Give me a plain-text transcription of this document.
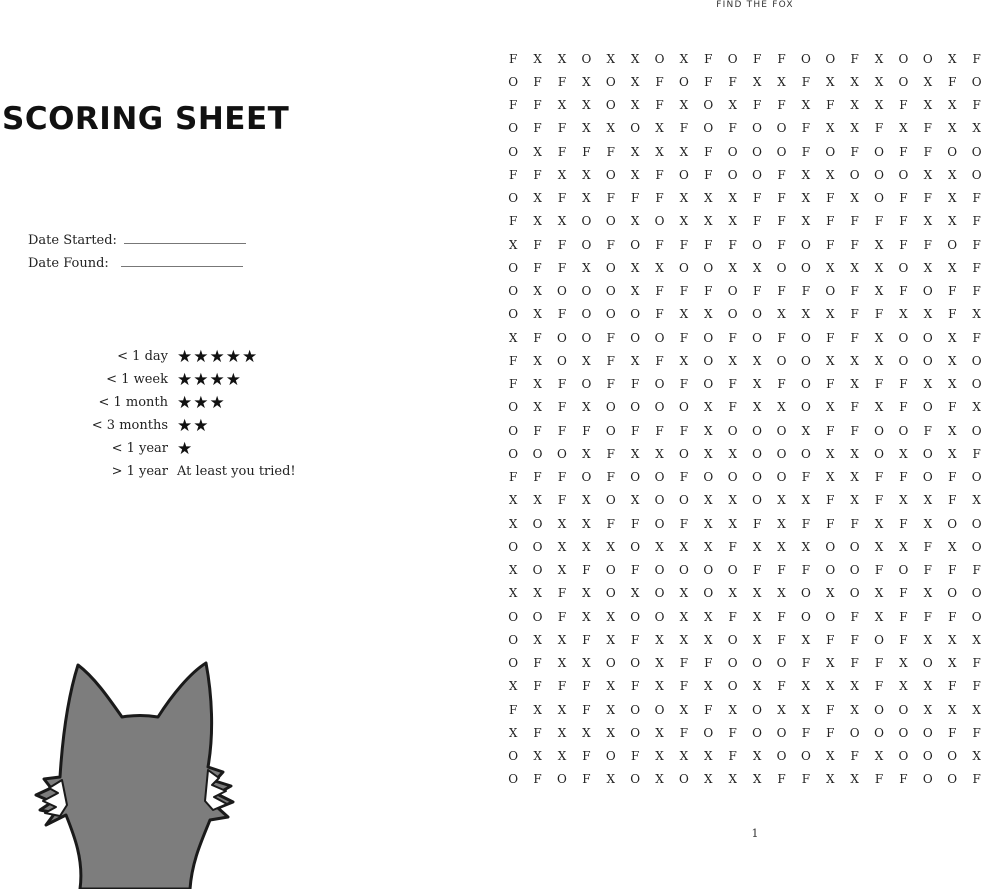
SCORING SHEET
Date Started:
Date Found:
< 1 day ★★★★★
< 1 week ★★★★
< 1 month ★★★
< 3 months ★★
< 1 year ★
> 1 year At least you tried!
FIND THE FOX
F	X	X	O	X	X	O	X	F	O	F	F	O	O	F	X	O	O	X	F
O	F	F	X	O	X	F	O	F	F	X	X	F	X	X	X	O	X	F	O
F	F	X	X	O	X	F	X	O	X	F	F	X	F	X	X	F	X	X	F
O	F	F	X	X	O	X	F	O	F	O	O	F	X	X	F	X	F	X	X
O	X	F	F	F	X	X	X	F	O	O	O	F	O	F	O	F	F	O	O
F	F	X	X	O	X	F	O	F	O	O	F	X	X	O	O	O	X	X	O
O	X	F	X	F	F	F	X	X	X	F	F	X	F	X	O	F	F	X	F
F	X	X	O	O	X	O	X	X	X	F	F	X	F	F	F	F	X	X	F
X	F	F	O	F	O	F	F	F	F	O	F	O	F	F	X	F	F	O	F
O	F	F	X	O	X	X	O	O	X	X	O	O	X	X	X	O	X	X	F
O	X	O	O	O	X	F	F	F	O	F	F	F	O	F	X	F	O	F	F
O	X	F	O	O	O	F	X	X	O	O	X	X	X	F	F	X	X	F	X
X	F	O	O	F	O	O	F	O	F	O	F	O	F	F	X	O	O	X	F
F	X	O	X	F	X	F	X	O	X	X	O	O	X	X	X	O	O	X	O
F	X	F	O	F	F	O	F	O	F	X	F	O	F	X	F	F	X	X	O
O	X	F	X	O	O	O	O	X	F	X	X	O	X	F	X	F	O	F	X
O	F	F	F	O	F	F	F	X	O	O	O	X	F	F	O	O	F	X	O
O	O	O	X	F	X	X	O	X	X	O	O	O	X	X	O	X	O	X	F
F	F	F	O	F	O	O	F	O	O	O	O	F	X	X	F	F	O	F	O
X	X	F	X	O	X	O	O	X	X	O	X	X	F	X	F	X	X	F	X
X	O	X	X	F	F	O	F	X	X	F	X	F	F	F	X	F	X	O	O
O	O	X	X	X	O	X	X	X	F	X	X	X	O	O	X	X	F	X	O
X	O	X	F	O	F	O	O	O	O	F	F	F	O	O	F	O	F	F	F
X	X	F	X	O	X	O	X	O	X	X	X	O	X	O	X	F	X	O	O
O	O	F	X	X	O	O	X	X	F	X	F	O	O	F	X	F	F	F	O
O	X	X	F	X	F	X	X	X	O	X	F	X	F	F	O	F	X	X	X
O	F	X	X	O	O	X	F	F	O	O	O	F	X	F	F	X	O	X	F
X	F	F	F	X	F	X	F	X	O	X	F	X	X	X	F	X	X	F	F
F	X	X	F	X	O	O	X	F	X	O	X	X	F	X	O	O	X	X	X
X	F	X	X	X	O	X	F	O	F	O	O	F	F	O	O	O	O	F	F
O	X	X	F	O	F	X	X	X	F	X	O	O	X	F	X	O	O	O	X
O	F	O	F	X	O	X	O	X	X	X	F	F	X	X	F	F	O	O	F
1
